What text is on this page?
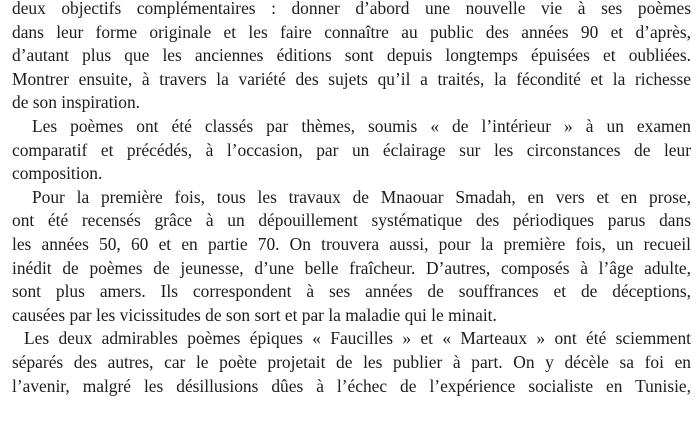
deux objectifs complémentaires : donner d’abord une nouvelle vie à ses poèmes
dans leur forme originale et les faire connaître au public des années 90 et d’après,
d’autant plus que les anciennes éditions sont depuis longtemps épuisées et oubliées.
Montrer ensuite, à travers la variété des sujets qu’il a traités, la fécondité et la richesse
de son inspiration.

Les poèmes ont été classés par thèmes, soumis « de l’intérieur » à un examen
comparatif et précédés, à l’occasion, par un éclairage sur les circonstances de leur
composition.

Pour la première fois, tous les travaux de Mnaouar Smadah, en vers et en prose,
ont été recensés grâce à un dépouillement systématique des périodiques parus dans
les années 50, 60 et en partie 70. On trouvera aussi, pour la première fois, un recueil
inédit de poèmes de jeunesse, d’une belle fraîcheur. D’autres, composés à l’âge adulte,
sont plus amers. Ils correspondent à ses années de souffrances et de déceptions,
causées par les vicissitudes de son sort et par la maladie qui le minait.

Les deux admirables poèmes épiques « Faucilles » et « Marteaux » ont été sciemment
séparés des autres, car le poète projetait de les publier à part. On y décèle sa foi en
l’avenir, malgré les désillusions dûes à l’échec de l’expérience socialiste en Tunisie,
